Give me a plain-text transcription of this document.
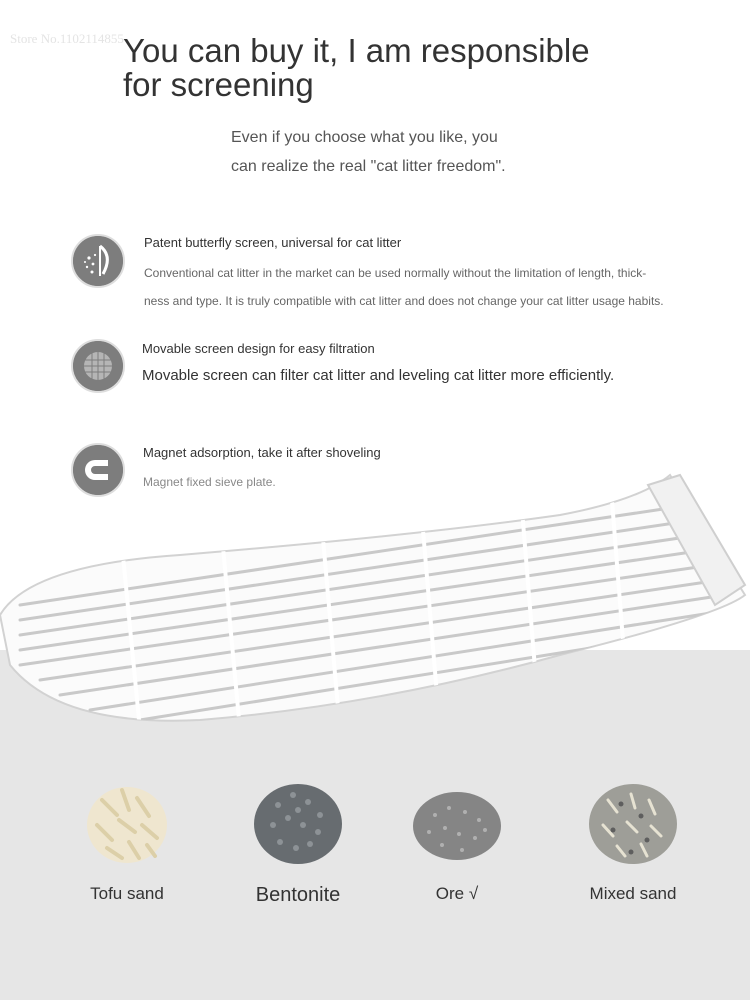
Store No.1102114855 You can buy it, I am responsible
for screening
Even if you choose what you like, you
can realize the real "cat litter freedom".
Patent butterfly screen, universal for cat litter
Conventional cat litter in the market can be used normally without the limitation of length, thick-
ness and type. It is truly compatible with cat litter and does not change your cat litter usage habits.
Movable screen design for easy filtration
Movable screen can filter cat litter and leveling cat litter more efficiently.
Magnet adsorption, take it after shoveling
Magnet fixed sieve plate.
Tofu sand	Bentonite	Ore √	Mixed sand
